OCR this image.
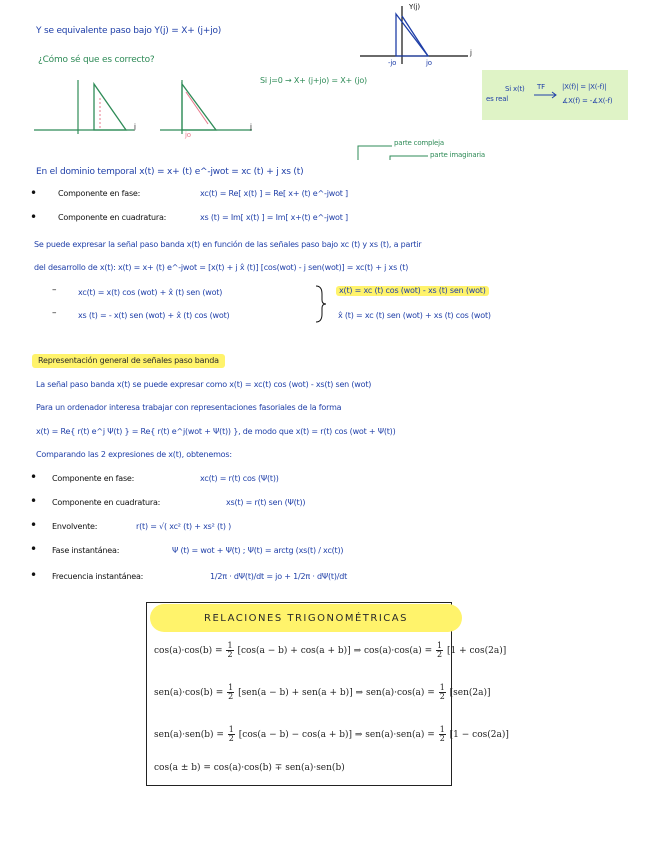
Y se equivalente paso bajo Y(j) = X+ (j+jo)
¿Cómo sé que es correcto?
Si j=0 → X+ (j+jo) = X+ (jo)
Y(j)
j
-jo	jo
j	j
jo
Si x(t)
es real
TF |X(f)| = |X(-f)|
∡X(f) = -∡X(-f)
parte compleja
parte imaginaria
En el dominio temporal x(t) = x+ (t) e^-jwot = xc (t) + j xs (t)
•	Componente en fase:	xc(t) = Re[ x(t) ] = Re[ x+ (t) e^-jwot ]
•	Componente en cuadratura:	xs (t) = Im[ x(t) ] = Im[ x+(t) e^-jwot ]
Se puede expresar la señal paso banda x(t) en función de las señales paso bajo xc (t) y xs (t), a partir
del desarrollo de x(t): x(t) = x+ (t) e^-jwot = [x(t) + j x̂ (t)] [cos(wot) - j sen(wot)] = xc(t) + j xs (t)
–	xc(t) = x(t) cos (wot) + x̂ (t) sen (wot)	x(t) = xc (t) cos (wot) - xs (t) sen (wot)
–	xs (t) = - x(t) sen (wot) + x̂ (t) cos (wot)	x̂ (t) = xc (t) sen (wot) + xs (t) cos (wot)
Representación general de señales paso banda
La señal paso banda x(t) se puede expresar como x(t) = xc(t) cos (wot) - xs(t) sen (wot)
Para un ordenador interesa trabajar con representaciones fasoriales de la forma
x(t) = Re{ r(t) e^j Ψ(t) } = Re{ r(t) e^j(wot + Ψ(t)) }, de modo que x(t) = r(t) cos (wot + Ψ(t))
Comparando las 2 expresiones de x(t), obtenemos:
• Componente en fase:	xc(t) = r(t) cos (Ψ(t))
• Componente en cuadratura:	xs(t) = r(t) sen (Ψ(t))
• Envolvente:	r(t) = √( xc² (t) + xs² (t) )
• Fase instantánea:	Ψ (t) = wot + Ψ(t) ; Ψ(t) = arctg (xs(t) / xc(t))
• Frecuencia instantánea:	1/2π · dΨ(t)/dt = jo + 1/2π · dΨ(t)/dt
RELACIONES TRIGONOMÉTRICAS
$\cos(a)\cdot\cos(b) = \frac{1}{2} [\cos(a - b) + \cos(a + b)]$ ⇒ $\cos(a)\cdot\cos(a) = \frac{1}{2} [1 + \cos(2a)]$
$sen(a)\cdot\cos(b) = \frac{1}{2} [sen(a - b) + sen(a + b)]$ ⇒ $sen(a)\cdot\cos(a) = \frac{1}{2} [sen(2a)]$
$sen(a)\cdot sen(b) = \frac{1}{2} [\cos(a - b) - \cos(a + b)]$ ⇒ $sen(a)\cdot sen(a) = \frac{1}{2} [1 - \cos(2a)]$
cos(a ± b) = cos(a)·cos(b) ∓ sen(a)·sen(b)
